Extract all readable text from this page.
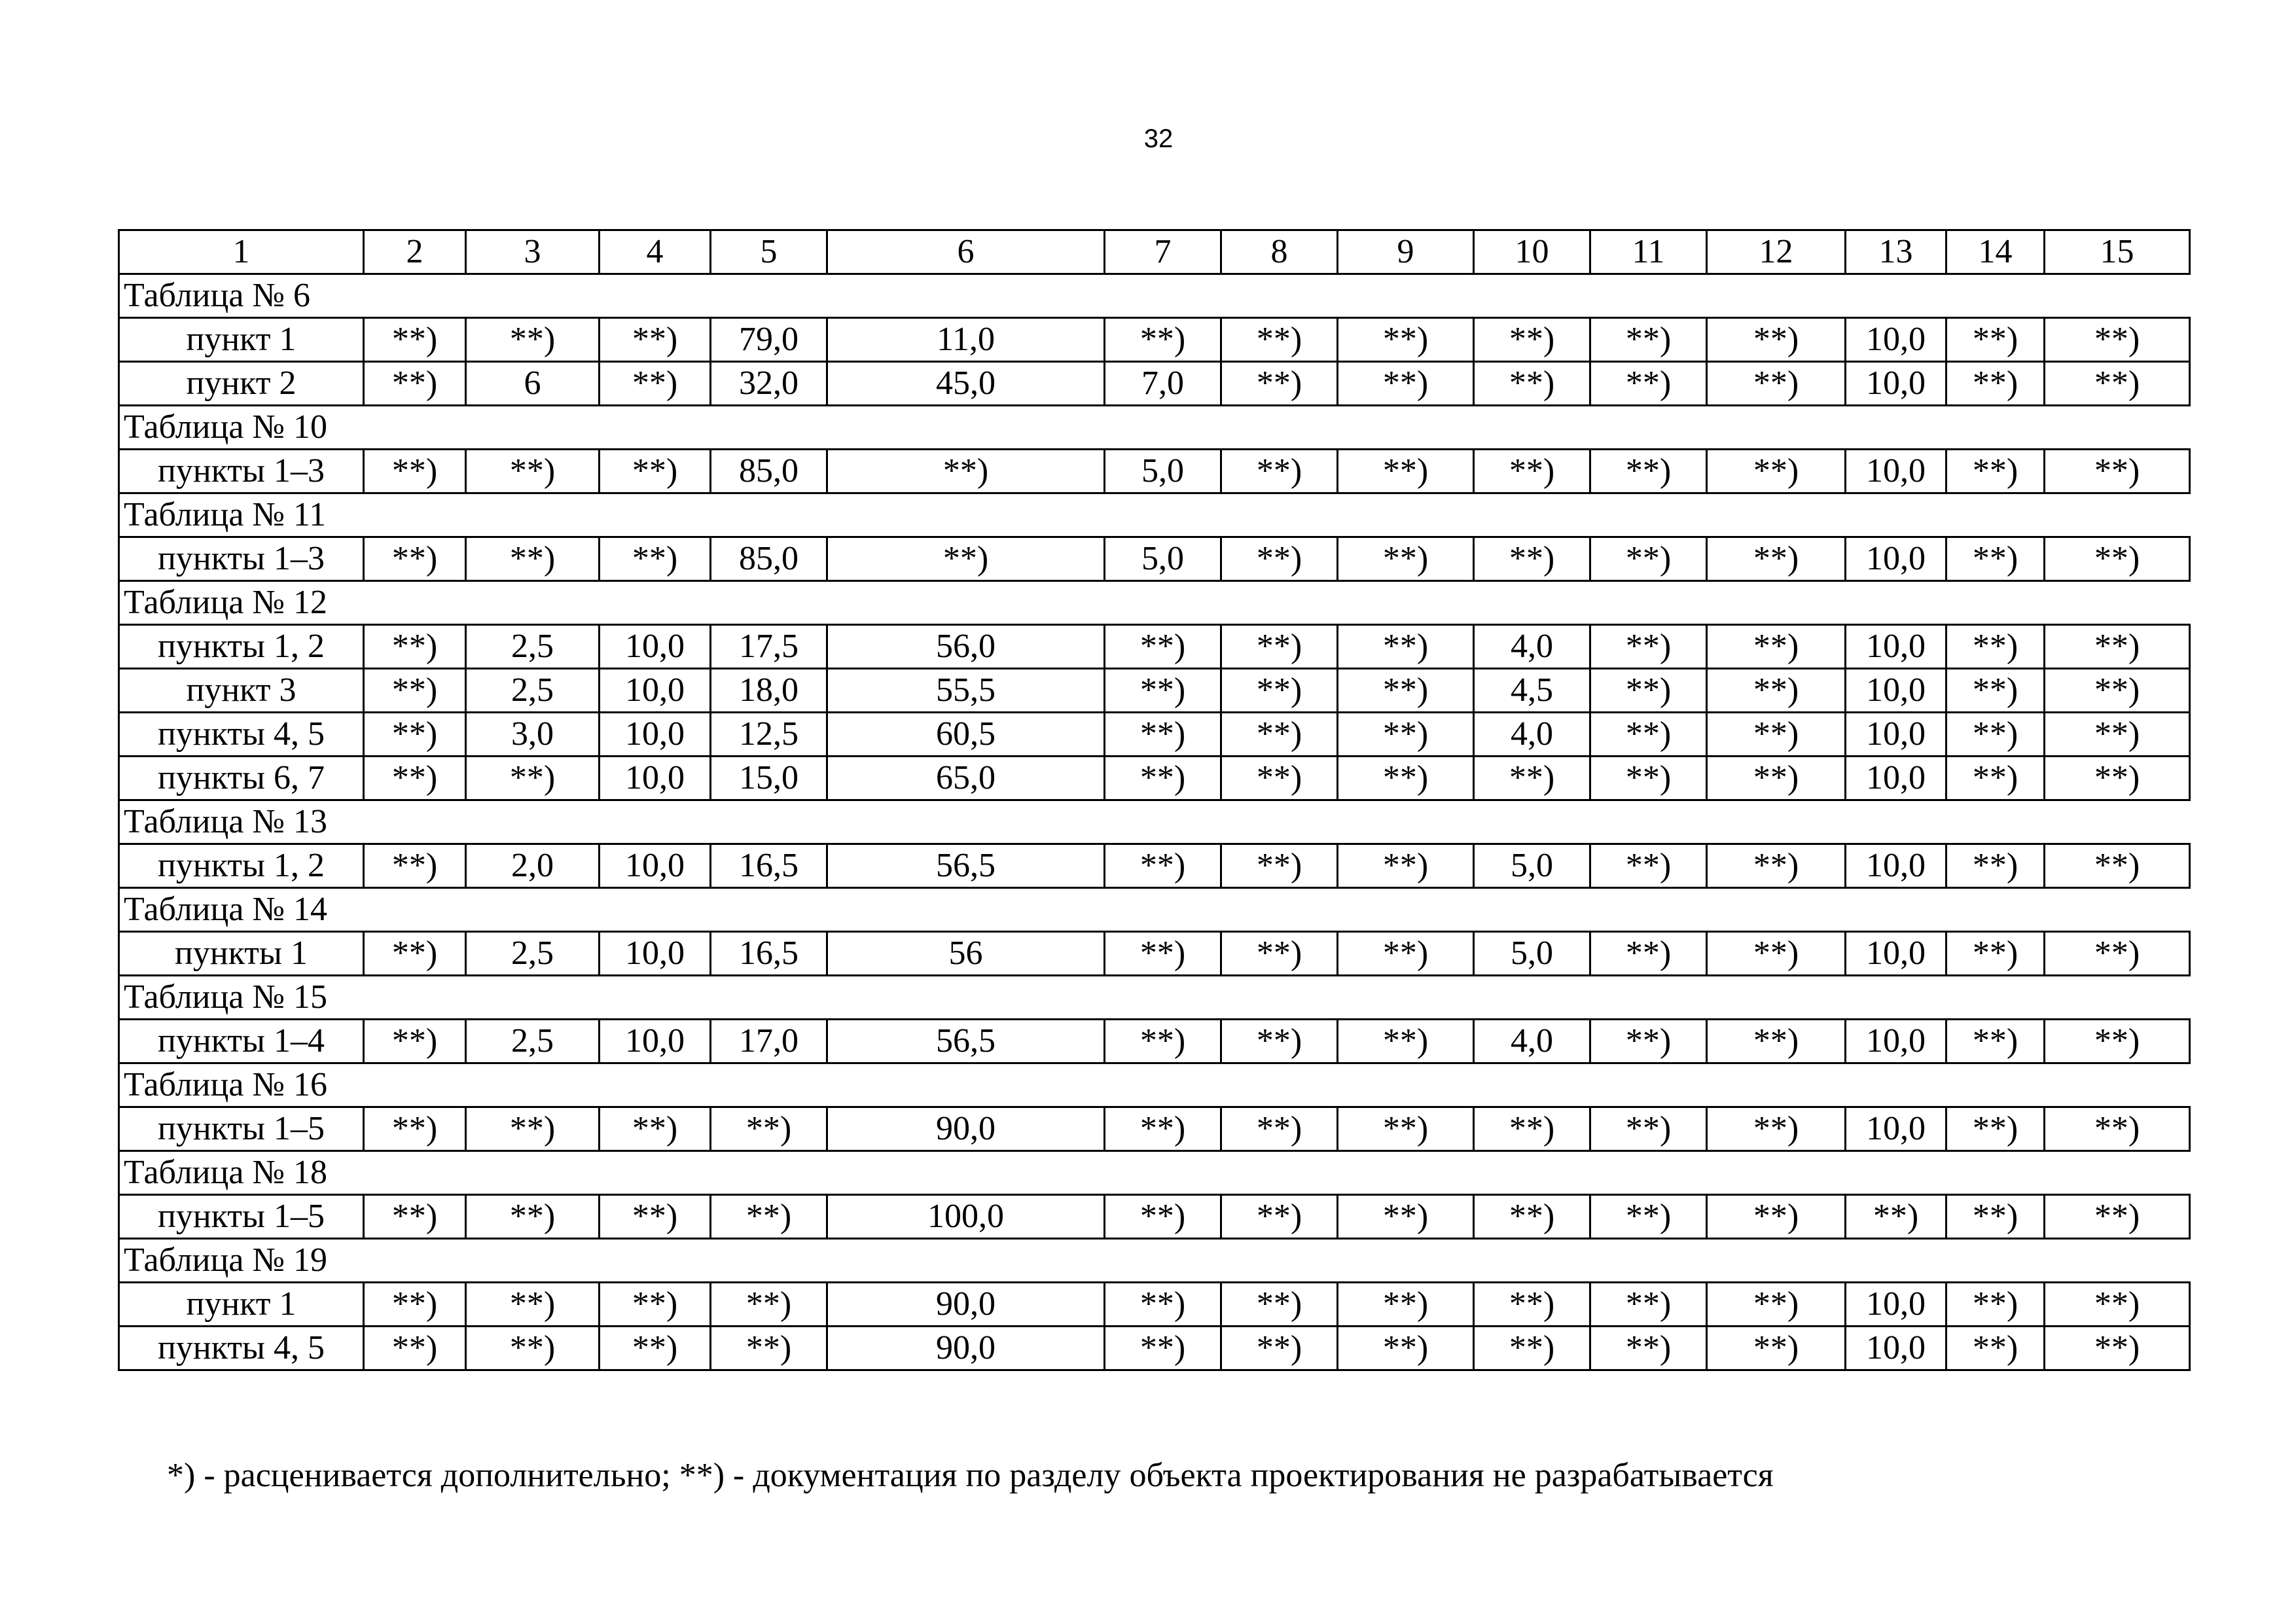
32
1	2	3	4	5	6	7	8	9	10	11	12	13	14	15
Таблица № 6														
пункт 1	**)	**)	**)	79,0	11,0	**)	**)	**)	**)	**)	**)	10,0	**)	**)
пункт 2	**)	6	**)	32,0	45,0	7,0	**)	**)	**)	**)	**)	10,0	**)	**)
Таблица № 10														
пункты 1–3	**)	**)	**)	85,0	**)	5,0	**)	**)	**)	**)	**)	10,0	**)	**)
Таблица № 11														
пункты 1–3	**)	**)	**)	85,0	**)	5,0	**)	**)	**)	**)	**)	10,0	**)	**)
Таблица № 12														
пункты 1, 2	**)	2,5	10,0	17,5	56,0	**)	**)	**)	4,0	**)	**)	10,0	**)	**)
пункт 3	**)	2,5	10,0	18,0	55,5	**)	**)	**)	4,5	**)	**)	10,0	**)	**)
пункты 4, 5	**)	3,0	10,0	12,5	60,5	**)	**)	**)	4,0	**)	**)	10,0	**)	**)
пункты 6, 7	**)	**)	10,0	15,0	65,0	**)	**)	**)	**)	**)	**)	10,0	**)	**)
Таблица № 13														
пункты 1, 2	**)	2,0	10,0	16,5	56,5	**)	**)	**)	5,0	**)	**)	10,0	**)	**)
Таблица № 14														
пункты 1	**)	2,5	10,0	16,5	56	**)	**)	**)	5,0	**)	**)	10,0	**)	**)
Таблица № 15														
пункты 1–4	**)	2,5	10,0	17,0	56,5	**)	**)	**)	4,0	**)	**)	10,0	**)	**)
Таблица № 16														
пункты 1–5	**)	**)	**)	**)	90,0	**)	**)	**)	**)	**)	**)	10,0	**)	**)
Таблица № 18														
пункты 1–5	**)	**)	**)	**)	100,0	**)	**)	**)	**)	**)	**)	**)	**)	**)
Таблица № 19														
пункт 1	**)	**)	**)	**)	90,0	**)	**)	**)	**)	**)	**)	10,0	**)	**)
пункты 4, 5	**)	**)	**)	**)	90,0	**)	**)	**)	**)	**)	**)	10,0	**)	**)
*) - расценивается дополнительно; **) - документация по разделу объекта проектирования не разрабатывается
